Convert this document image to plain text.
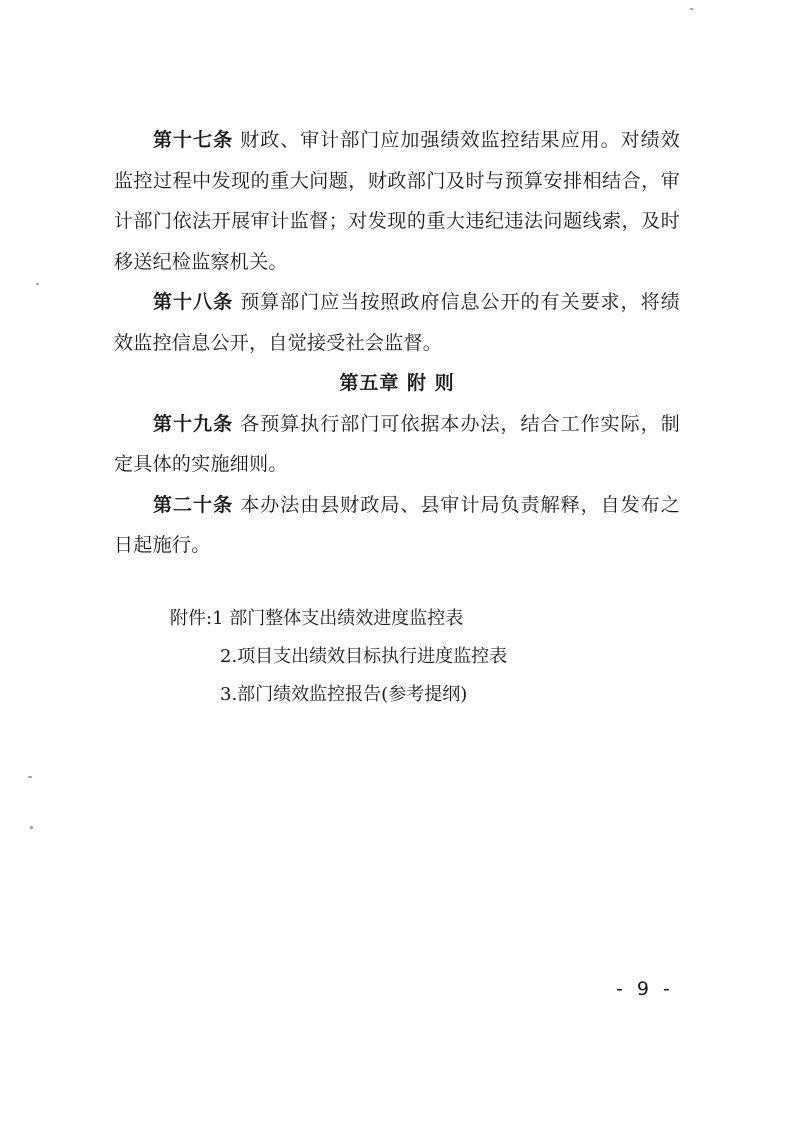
第十七条 财政、审计部门应加强绩效监控结果应用。对绩效监控过程中发现的重大问题，财政部门及时与预算安排相结合，审计部门依法开展审计监督；对发现的重大违纪违法问题线索，及时移送纪检监察机关。

第十八条 预算部门应当按照政府信息公开的有关要求，将绩效监控信息公开，自觉接受社会监督。

第五章 附 则

第十九条 各预算执行部门可依据本办法，结合工作实际，制定具体的实施细则。

第二十条 本办法由县财政局、县审计局负责解释，自发布之日起施行。

附件:1 部门整体支出绩效进度监控表
2.项目支出绩效目标执行进度监控表
3.部门绩效监控报告(参考提纲)
- 9 -
